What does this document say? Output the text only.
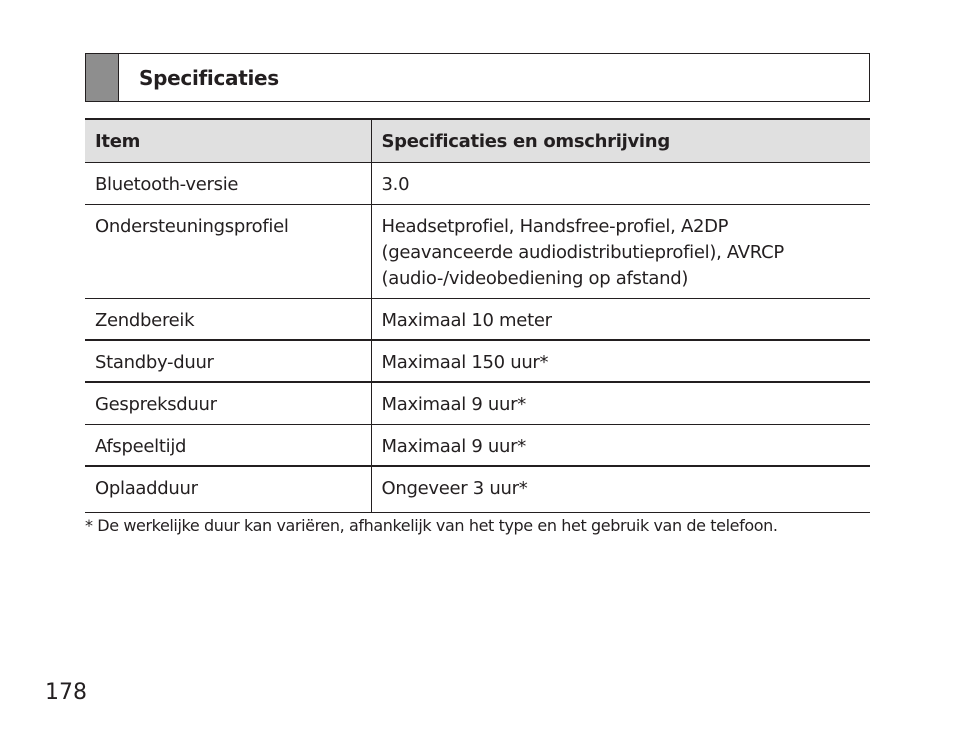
Specificaties
Item	Specificaties en omschrijving
Bluetooth-versie	3.0

Ondersteuningsprofiel	Headsetprofiel, Handsfree-profiel, A2DP
(geavanceerde audiodistributieprofiel), AVRCP
(audio-/videobediening op afstand)

Zendbereik	Maximaal 10 meter

Standby-duur	Maximaal 150 uur*

Gespreksduur	Maximaal 9 uur*

Afspeeltijd	Maximaal 9 uur*

Oplaadduur	Ongeveer 3 uur*
* De werkelijke duur kan variëren, afhankelijk van het type en het gebruik van de telefoon.
178
